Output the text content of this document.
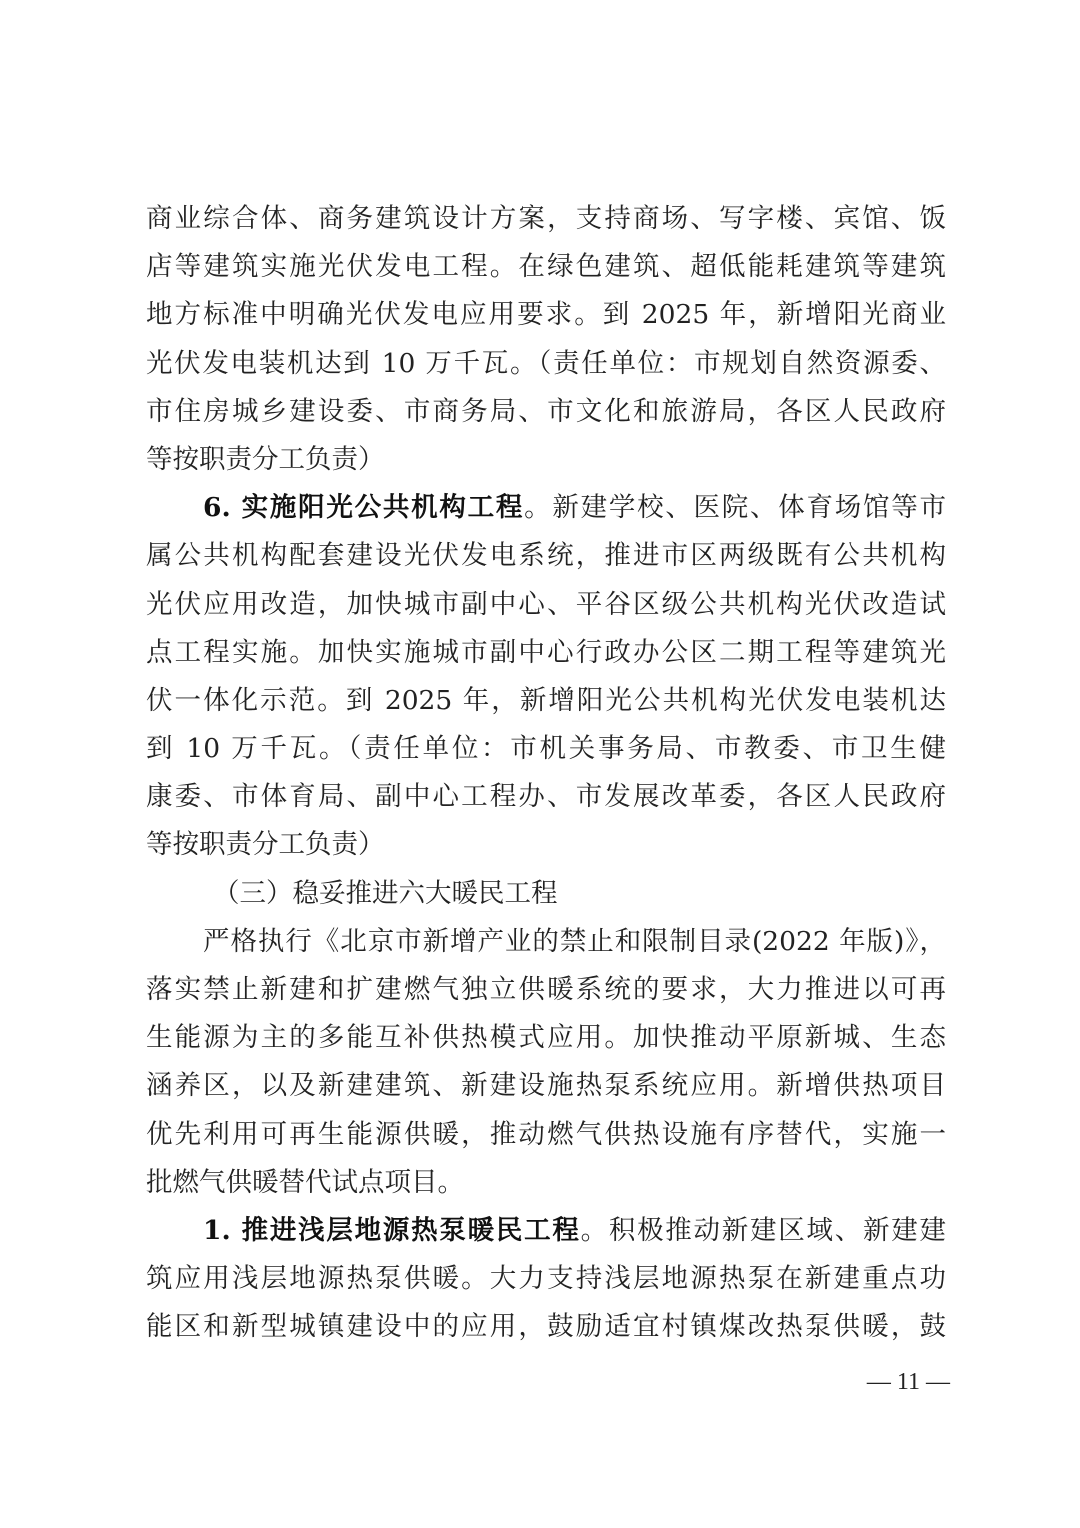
商业综合体、商务建筑设计方案，支持商场、写字楼、宾馆、饭
店等建筑实施光伏发电工程。在绿色建筑、超低能耗建筑等建筑
地方标准中明确光伏发电应用要求。到 2025 年，新增阳光商业
光伏发电装机达到 10 万千瓦。（责任单位：市规划自然资源委、
市住房城乡建设委、市商务局、市文化和旅游局，各区人民政府
等按职责分工负责）
6. 实施阳光公共机构工程。新建学校、医院、体育场馆等市
属公共机构配套建设光伏发电系统，推进市区两级既有公共机构
光伏应用改造，加快城市副中心、平谷区级公共机构光伏改造试
点工程实施。加快实施城市副中心行政办公区二期工程等建筑光
伏一体化示范。到 2025 年，新增阳光公共机构光伏发电装机达
到 10 万千瓦。（责任单位：市机关事务局、市教委、市卫生健
康委、市体育局、副中心工程办、市发展改革委，各区人民政府
等按职责分工负责）
（三）稳妥推进六大暖民工程
严格执行《北京市新增产业的禁止和限制目录(2022 年版)》，
落实禁止新建和扩建燃气独立供暖系统的要求，大力推进以可再
生能源为主的多能互补供热模式应用。加快推动平原新城、生态
涵养区，以及新建建筑、新建设施热泵系统应用。新增供热项目
优先利用可再生能源供暖，推动燃气供热设施有序替代，实施一
批燃气供暖替代试点项目。
1. 推进浅层地源热泵暖民工程。积极推动新建区域、新建建
筑应用浅层地源热泵供暖。大力支持浅层地源热泵在新建重点功
能区和新型城镇建设中的应用，鼓励适宜村镇煤改热泵供暖，鼓
— 11 —
